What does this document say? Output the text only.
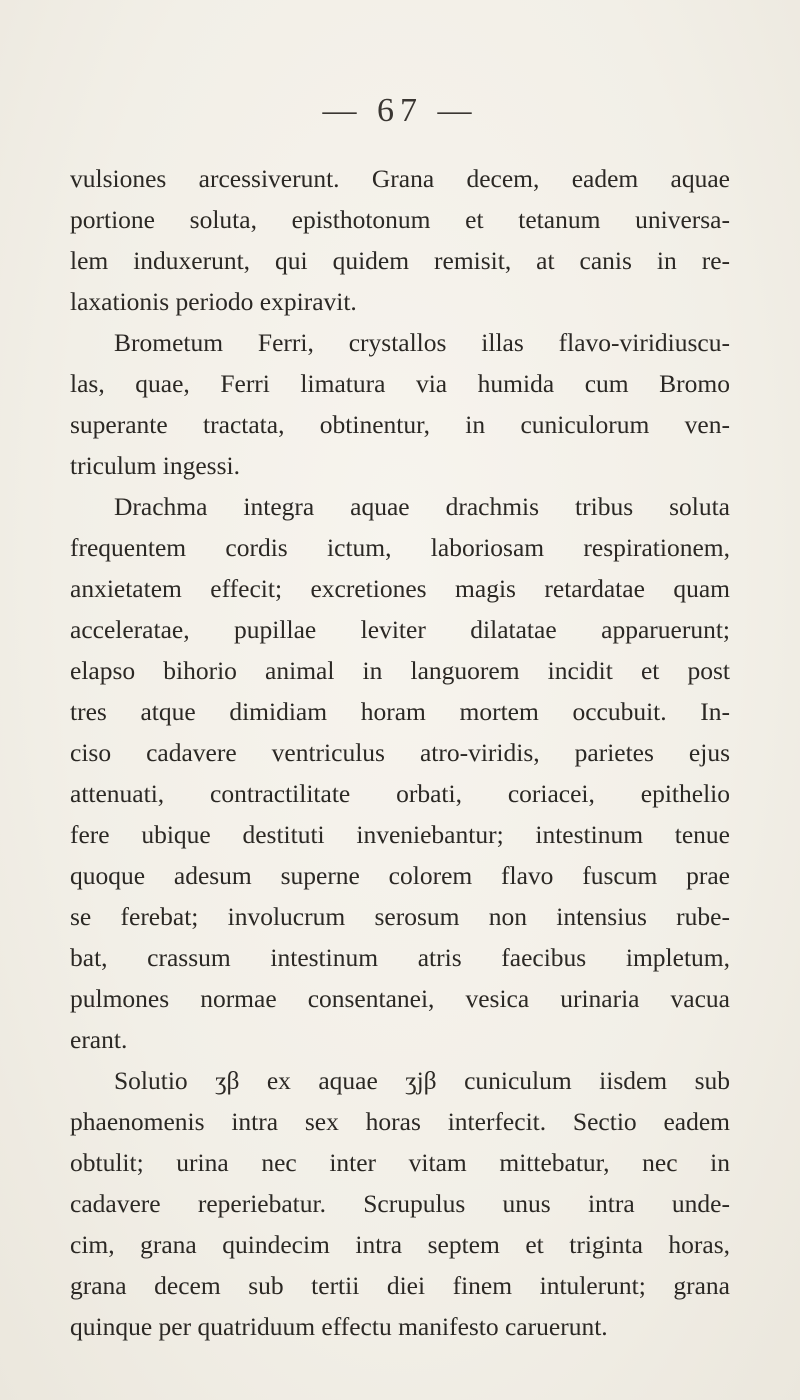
— 67 —
vulsiones arcessiverunt. Grana decem, eadem aquae
portione soluta, episthotonum et tetanum universa-
lem induxerunt, qui quidem remisit, at canis in re-
laxationis periodo expiravit.
Brometum Ferri, crystallos illas flavo-viridiuscu-
las, quae, Ferri limatura via humida cum Bromo
superante tractata, obtinentur, in cuniculorum ven-
triculum ingessi.
Drachma integra aquae drachmis tribus soluta
frequentem cordis ictum, laboriosam respirationem,
anxietatem effecit; excretiones magis retardatae quam
acceleratae, pupillae leviter dilatatae apparuerunt;
elapso bihorio animal in languorem incidit et post
tres atque dimidiam horam mortem occubuit. In-
ciso cadavere ventriculus atro-viridis, parietes ejus
attenuati, contractilitate orbati, coriacei, epithelio
fere ubique destituti inveniebantur; intestinum tenue
quoque adesum superne colorem flavo fuscum prae
se ferebat; involucrum serosum non intensius rube-
bat, crassum intestinum atris faecibus impletum,
pulmones normae consentanei, vesica urinaria vacua
erant.
Solutio ʒβ ex aquae ʒjβ cuniculum iisdem sub
phaenomenis intra sex horas interfecit. Sectio eadem
obtulit; urina nec inter vitam mittebatur, nec in
cadavere reperiebatur. Scrupulus unus intra unde-
cim, grana quindecim intra septem et triginta horas,
grana decem sub tertii diei finem intulerunt; grana
quinque per quatriduum effectu manifesto caruerunt.
